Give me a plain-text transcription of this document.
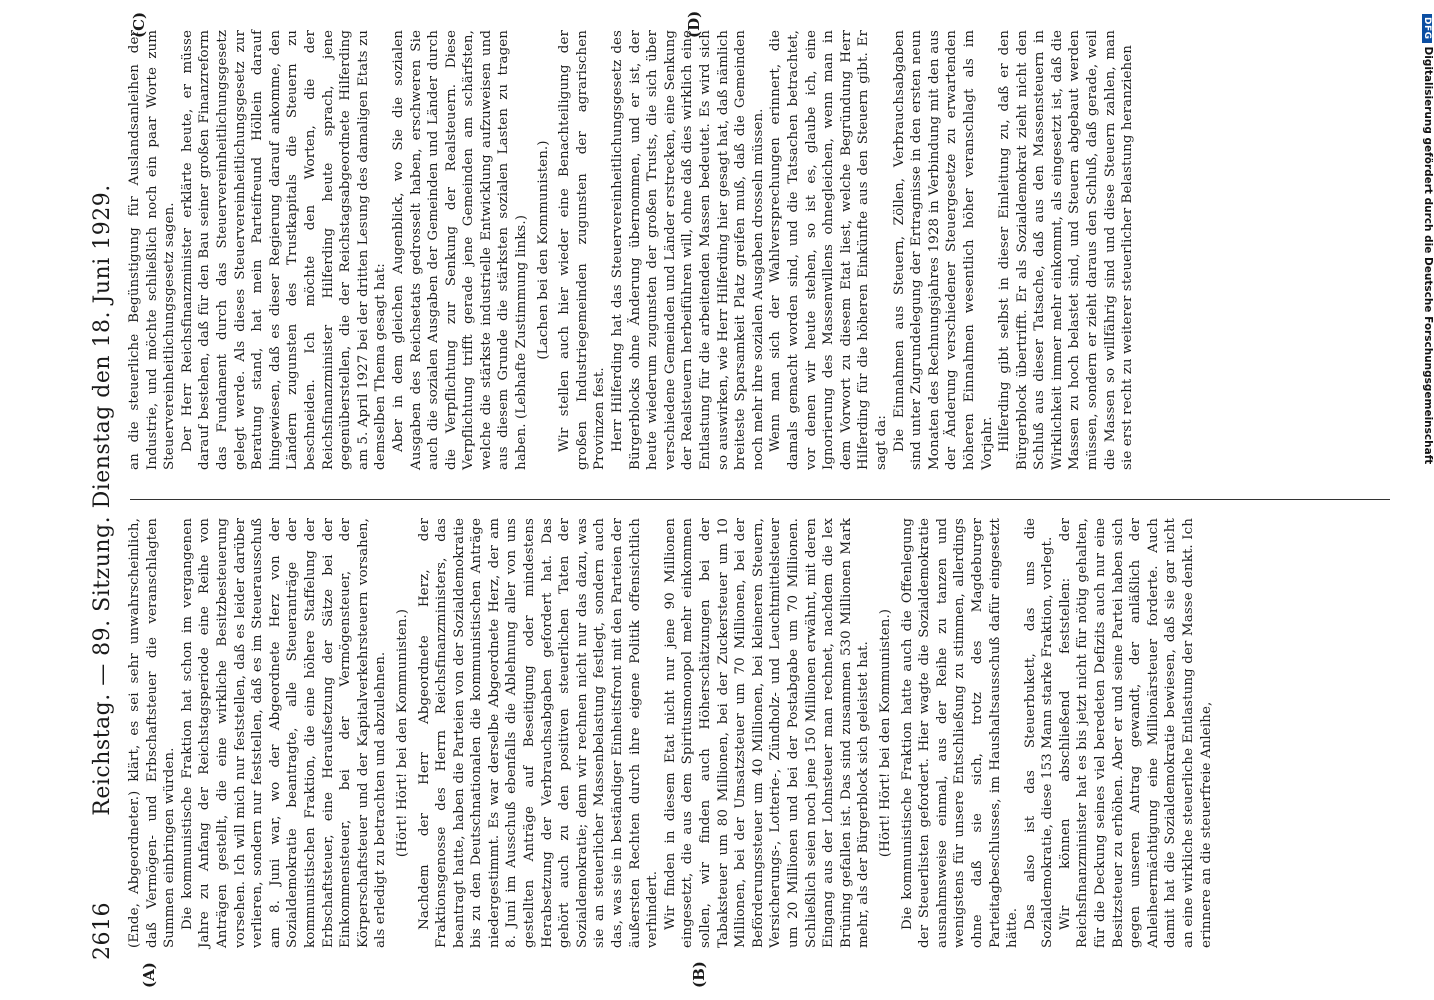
2616
Reichstag. — 89. Sitzung. Dienstag den 18. Juni 1929.
(A)	(B)
(C)	(D)

(Ende, Abgeordneter.) klärt, es sei sehr unwahrscheinlich, daß Vermögen- und Erbschaftsteuer die veranschlagten Summen einbringen würden. Die kommunistische Fraktion hat schon im vergangenen Jahre zu Anfang der Reichstagsperiode eine Reihe von Anträgen gestellt, die eine wirkliche Besitzbesteuerung vorsehen. Ich will mich nur feststellen, daß es leider darüber verlieren, sondern nur feststellen, daß es im Steuerausschuß am 8. Juni war, wo der Abgeordnete Herz von der Sozialdemokratie beantragte, alle Steueranträge der kommunistischen Fraktion, die eine höhere Staffelung der Erbschaftsteuer, eine Heraufsetzung der Sätze bei der Einkommensteuer, bei der Vermögensteuer, der Körperschaftsteuer und der Kapitalverkehrsteuern vorsahen, als erledigt zu betrachten und abzulehnen. (Hört! Hört! bei den Kommunisten.) Nachdem der Herr Abgeordnete Herz, der Fraktionsgenosse des Herrn Reichsfinanzministers, das beantragt hatte, haben die Parteien von der Sozialdemokratie bis zu den Deutschnationalen die kommunistischen Anträge niedergestimmt. Es war derselbe Abgeordnete Herz, der am 8. Juni im Ausschuß ebenfalls die Ablehnung aller von uns gestellten Anträge auf Beseitigung oder mindestens Herabsetzung der Verbrauchsabgaben gefordert hat. Das gehört auch zu den positiven steuerlichen Taten der Sozialdemokratie; denn wir rechnen nicht nur das dazu, was sie an steuerlicher Massenbelastung festlegt, sondern auch das, was sie in beständiger Einheitsfront mit den Parteien der äußersten Rechten durch ihre eigene Politik offensichtlich verhindert. Wir finden in diesem Etat nicht nur jene 90 Millionen eingesetzt, die aus dem Spiritusmonopol mehr einkommen sollen, wir finden auch Höherschätzungen bei der Tabaksteuer um 80 Millionen, bei der Zuckersteuer um 10 Millionen, bei der Umsatzsteuer um 70 Millionen, bei der Beförderungssteuer um 40 Millionen, bei kleineren Steuern, Versicherungs-, Lotterie-, Zündholz- und Leuchtmittelsteuer um 20 Millionen und bei der Postabgabe um 70 Millionen. Schließlich seien noch jene 150 Millionen erwähnt, mit deren Eingang aus der Lohnsteuer man rechnet, nachdem die lex Brüning gefallen ist. Das sind zusammen 530 Millionen Mark mehr, als der Bürgerblock sich geleistet hat. (Hört! Hört! bei den Kommunisten.) Die kommunistische Fraktion hatte auch die Offenlegung der Steuerlisten gefordert. Hier wagte die Sozialdemokratie ausnahmsweise einmal, aus der Reihe zu tanzen und wenigstens für unsere Entschließung zu stimmen, allerdings ohne daß sie sich, trotz des Magdeburger Parteitagbeschlusses, im Haushaltsausschuß dafür eingesetzt hätte. Das also ist das Steuerbukett, das uns die Sozialdemokratie, diese 153 Mann starke Fraktion, vorlegt. Wir können abschließend feststellen: der Reichsfinanzminister hat es bis jetzt nicht für nötig gehalten, für die Deckung seines viel beredeten Defizits auch nur eine Besitzsteuer zu erhöhen. Aber er und seine Partei haben sich gegen unseren Antrag gewandt, der anläßlich der Anleiheermächtigung eine Millionärsteuer forderte. Auch damit hat die Sozialdemokratie bewiesen, daß sie gar nicht an eine wirkliche steuerliche Entlastung der Masse denkt. Ich erinnere an die steuerfreie Anleihe,

an die steuerliche Begünstigung für Auslandsanleihen der Industrie, und möchte schließlich noch ein paar Worte zum Steuervereinheitlichungsgesetz sagen. Der Herr Reichsfinanzminister erklärte heute, er müsse darauf bestehen, daß für den Bau seiner großen Finanzreform das Fundament durch das Steuervereinheitlichungsgesetz gelegt werde. Als dieses Steuervereinheitlichungsgesetz zur Beratung stand, hat mein Parteifreund Höllein darauf hingewiesen, daß es dieser Regierung darauf ankomme, den Ländern zugunsten des Trustkapitals die Steuern zu beschneiden. Ich möchte den Worten, die der Reichsfinanzminister Hilferding heute sprach, jene gegenüberstellen, die der Reichstagsabgeordnete Hilferding am 5. April 1927 bei der dritten Lesung des damaligen Etats zu demselben Thema gesagt hat: Aber in dem gleichen Augenblick, wo Sie die sozialen Ausgaben des Reichsetats gedrosselt haben, erschweren Sie auch die sozialen Ausgaben der Gemeinden und Länder durch die Verpflichtung zur Senkung der Realsteuern. Diese Verpflichtung trifft gerade jene Gemeinden am schärfsten, welche die stärkste industrielle Entwicklung aufzuweisen und aus diesem Grunde die stärksten sozialen Lasten zu tragen haben. (Lebhafte Zustimmung links.) (Lachen bei den Kommunisten.) Wir stellen auch hier wieder eine Benachteiligung der großen Industriegemeinden zugunsten der agrarischen Provinzen fest. Herr Hilferding hat das Steuervereinheitlichungsgesetz des Bürgerblocks ohne Änderung übernommen, und er ist, der heute wiederum zugunsten der großen Trusts, die sich über verschiedene Gemeinden und Länder erstrecken, eine Senkung der Realsteuern herbeiführen will, ohne daß dies wirklich eine Entlastung für die arbeitenden Massen bedeutet. Es wird sich so auswirken, wie Herr Hilferding hier gesagt hat, daß nämlich breiteste Sparsamkeit Platz greifen muß, daß die Gemeinden noch mehr ihre sozialen Ausgaben drosseln müssen. Wenn man sich der Wahlversprechungen erinnert, die damals gemacht worden sind, und die Tatsachen betrachtet, vor denen wir heute stehen, so ist es, glaube ich, eine Ignorierung des Massenwillens ohnegleichen, wenn man in dem Vorwort zu diesem Etat liest, welche Begründung Herr Hilferding für die höheren Einkünfte aus den Steuern gibt. Er sagt da: Die Einnahmen aus Steuern, Zöllen, Verbrauchsabgaben sind unter Zugrundelegung der Ertragnisse in den ersten neun Monaten des Rechnungsjahres 1928 in Verbindung mit den aus der Änderung verschiedener Steuergesetze zu erwartenden höheren Einnahmen wesentlich höher veranschlagt als im Vorjahr. Hilferding gibt selbst in dieser Einleitung zu, daß er den Bürgerblock übertrifft. Er als Sozialdemokrat zieht nicht den Schluß aus dieser Tatsache, daß aus den Massensteuern in Wirklichkeit immer mehr einkommt, als eingesetzt ist, daß die Massen zu hoch belastet sind, und Steuern abgebaut werden müssen, sondern er zieht daraus den Schluß, daß gerade, weil die Massen so willfährig sind und diese Steuern zahlen, man sie erst recht zu weiterer steuerlicher Belastung heranziehen

DFGDigitalisierung gefördert durch die Deutsche Forschungsgemeinschaft
